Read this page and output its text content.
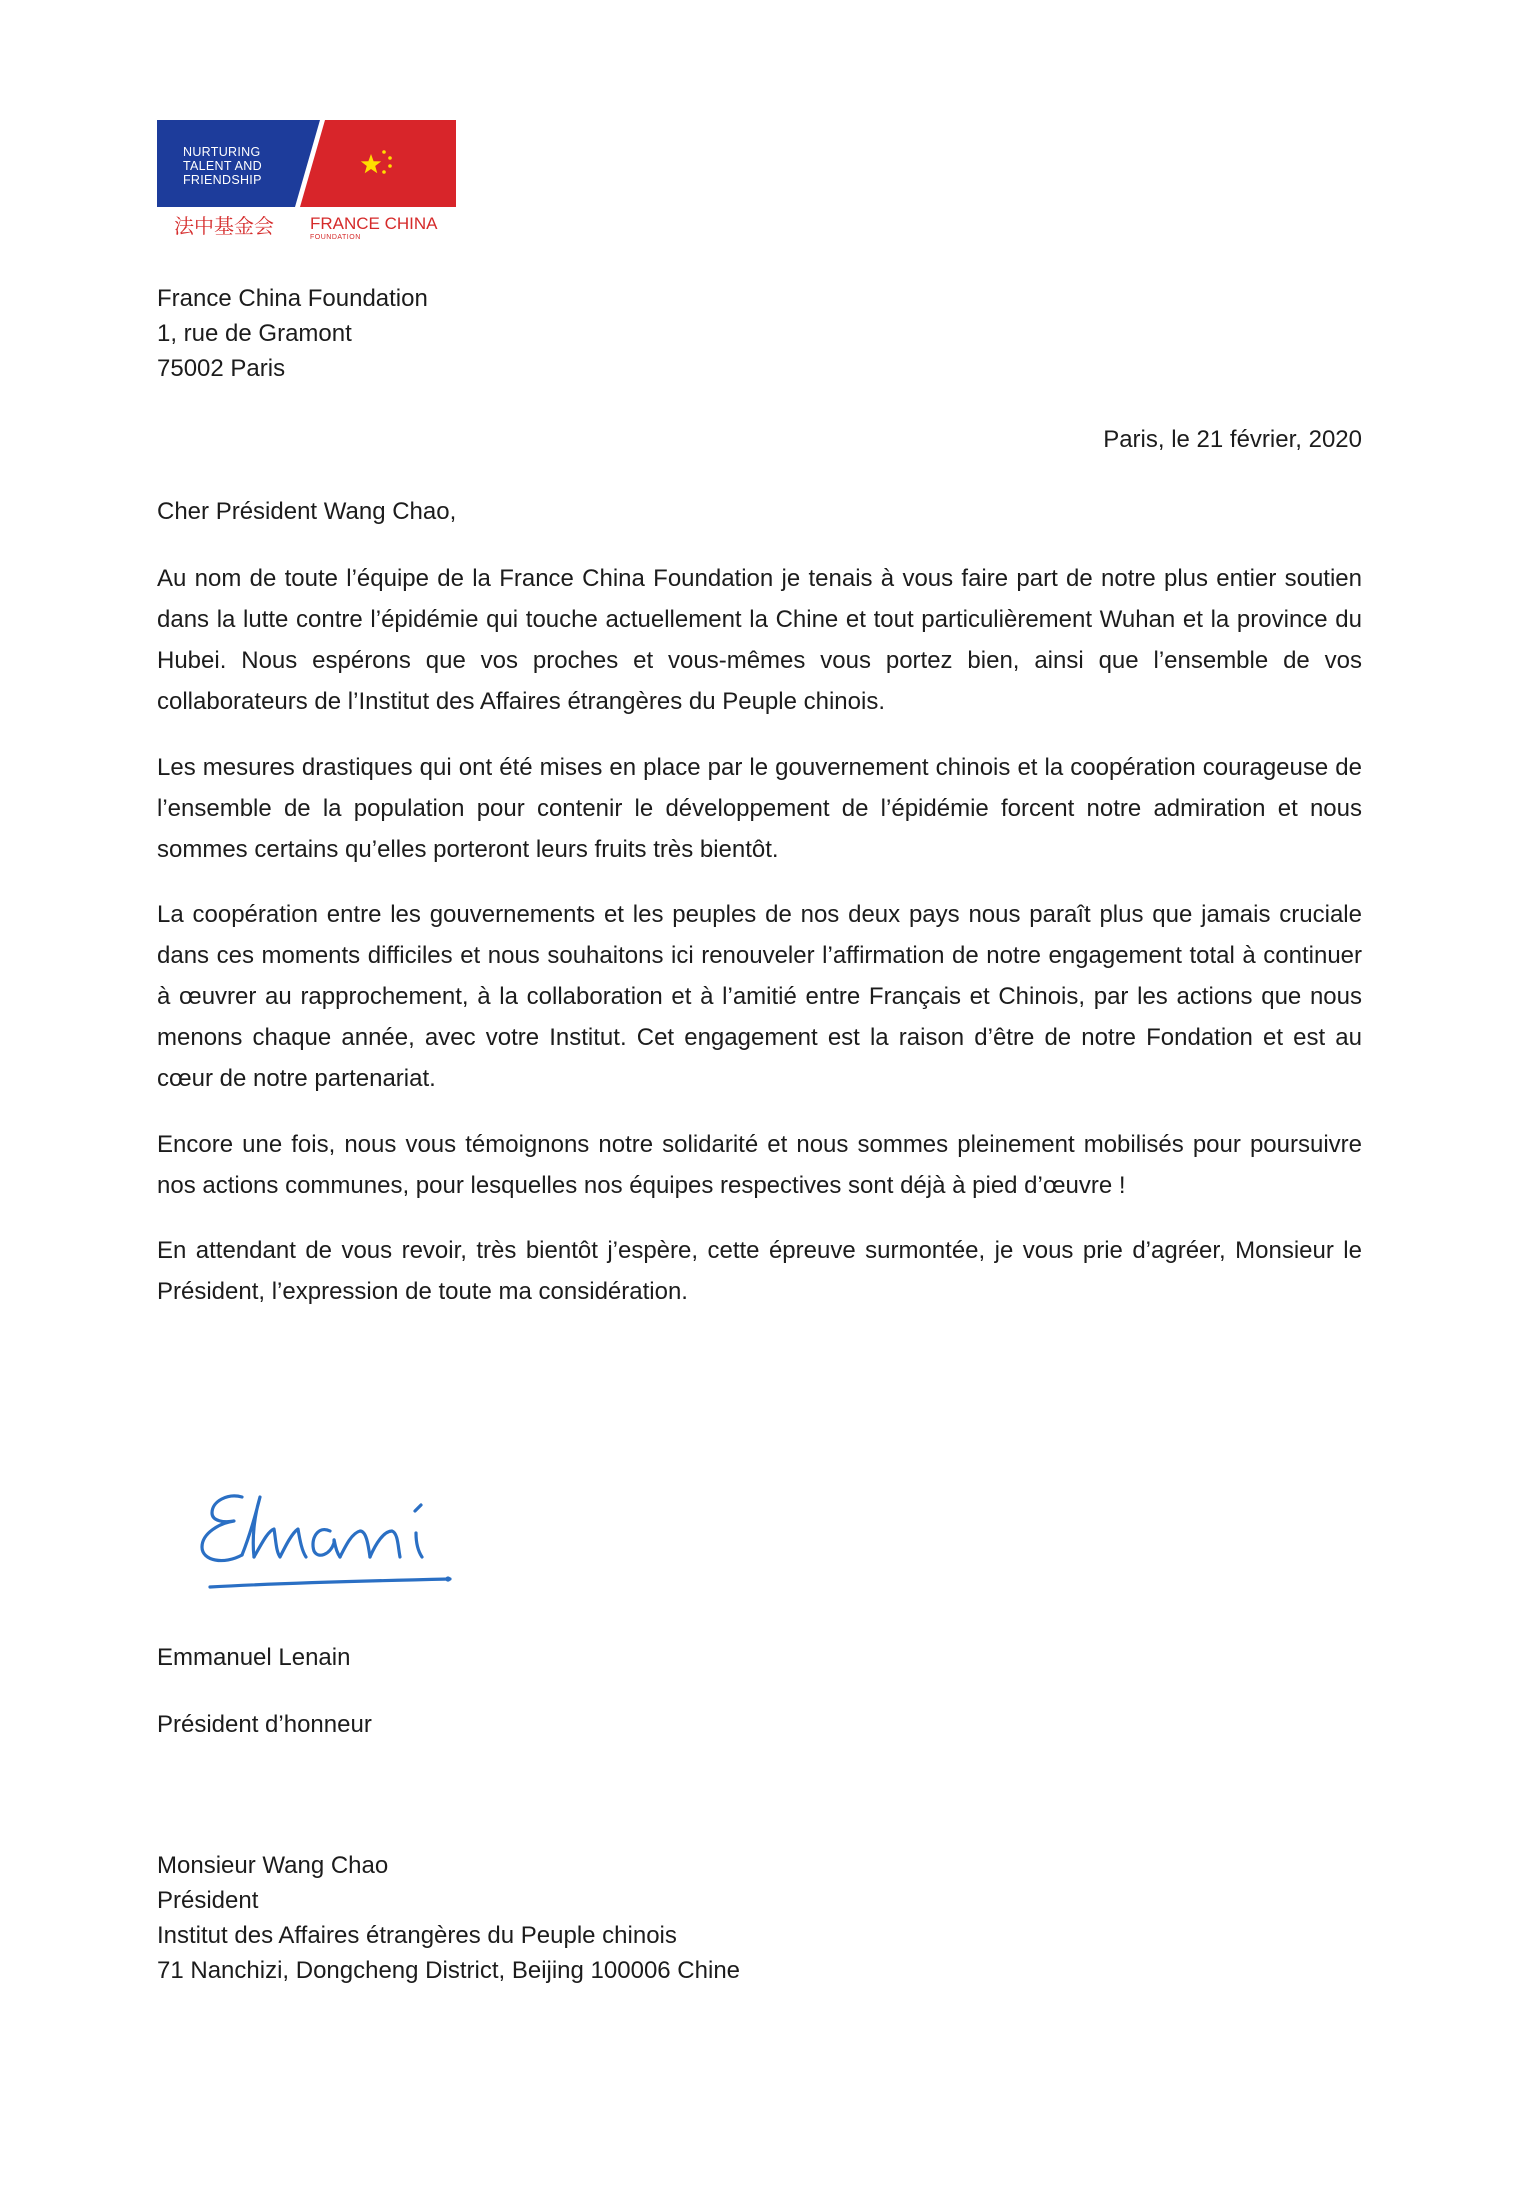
NURTURING
TALENT AND
FRIENDSHIP
法中基金会 FRANCE CHINA
FOUNDATION
France China Foundation
1, rue de Gramont
75002 Paris
Paris, le 21 février, 2020
Cher Président Wang Chao,
Au nom de toute l’équipe de la France China Foundation je tenais à vous faire part de notre plus entier soutien dans la lutte contre l’épidémie qui touche actuellement la Chine et tout particulièrement Wuhan et la province du Hubei. Nous espérons que vos proches et vous-mêmes vous portez bien, ainsi que l’ensemble de vos collaborateurs de l’Institut des Affaires étrangères du Peuple chinois.
Les mesures drastiques qui ont été mises en place par le gouvernement chinois et la coopération courageuse de l’ensemble de la population pour contenir le développement de l’épidémie forcent notre admiration et nous sommes certains qu’elles porteront leurs fruits très bientôt.
La coopération entre les gouvernements et les peuples de nos deux pays nous paraît plus que jamais cruciale dans ces moments difficiles et nous souhaitons ici renouveler l’affirmation de notre engagement total à continuer à œuvrer au rapprochement, à la collaboration et à l’amitié entre Français et Chinois, par les actions que nous menons chaque année, avec votre Institut. Cet engagement est la raison d’être de notre Fondation et est au cœur de notre partenariat.
Encore une fois, nous vous témoignons notre solidarité et nous sommes pleinement mobilisés pour poursuivre nos actions communes, pour lesquelles nos équipes respectives sont déjà à pied d’œuvre !
En attendant de vous revoir, très bientôt j’espère, cette épreuve surmontée, je vous prie d’agréer, Monsieur le Président, l’expression de toute ma considération.
Emmanuel Lenain
Président d’honneur
Monsieur Wang Chao
Président
Institut des Affaires étrangères du Peuple chinois
71 Nanchizi, Dongcheng District, Beijing 100006 Chine
